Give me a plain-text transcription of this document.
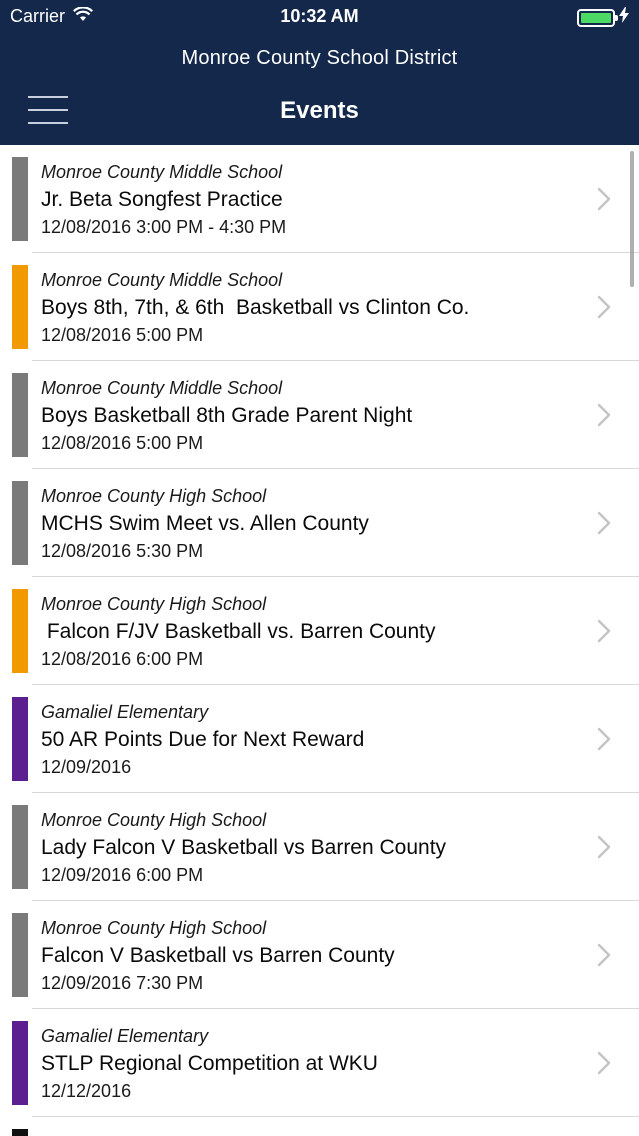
Carrier	10:32 AM
Monroe County School District
Events
Monroe County Middle School
Jr. Beta Songfest Practice
12/08/2016 3:00 PM - 4:30 PM
Monroe County Middle School
Boys 8th, 7th, & 6th  Basketball vs Clinton Co.
12/08/2016 5:00 PM
Monroe County Middle School
Boys Basketball 8th Grade Parent Night
12/08/2016 5:00 PM
Monroe County High School
MCHS Swim Meet vs. Allen County
12/08/2016 5:30 PM
Monroe County High School
Falcon F/JV Basketball vs. Barren County
12/08/2016 6:00 PM
Gamaliel Elementary
50 AR Points Due for Next Reward
12/09/2016
Monroe County High School
Lady Falcon V Basketball vs Barren County
12/09/2016 6:00 PM
Monroe County High School
Falcon V Basketball vs Barren County
12/09/2016 7:30 PM
Gamaliel Elementary
STLP Regional Competition at WKU
12/12/2016
